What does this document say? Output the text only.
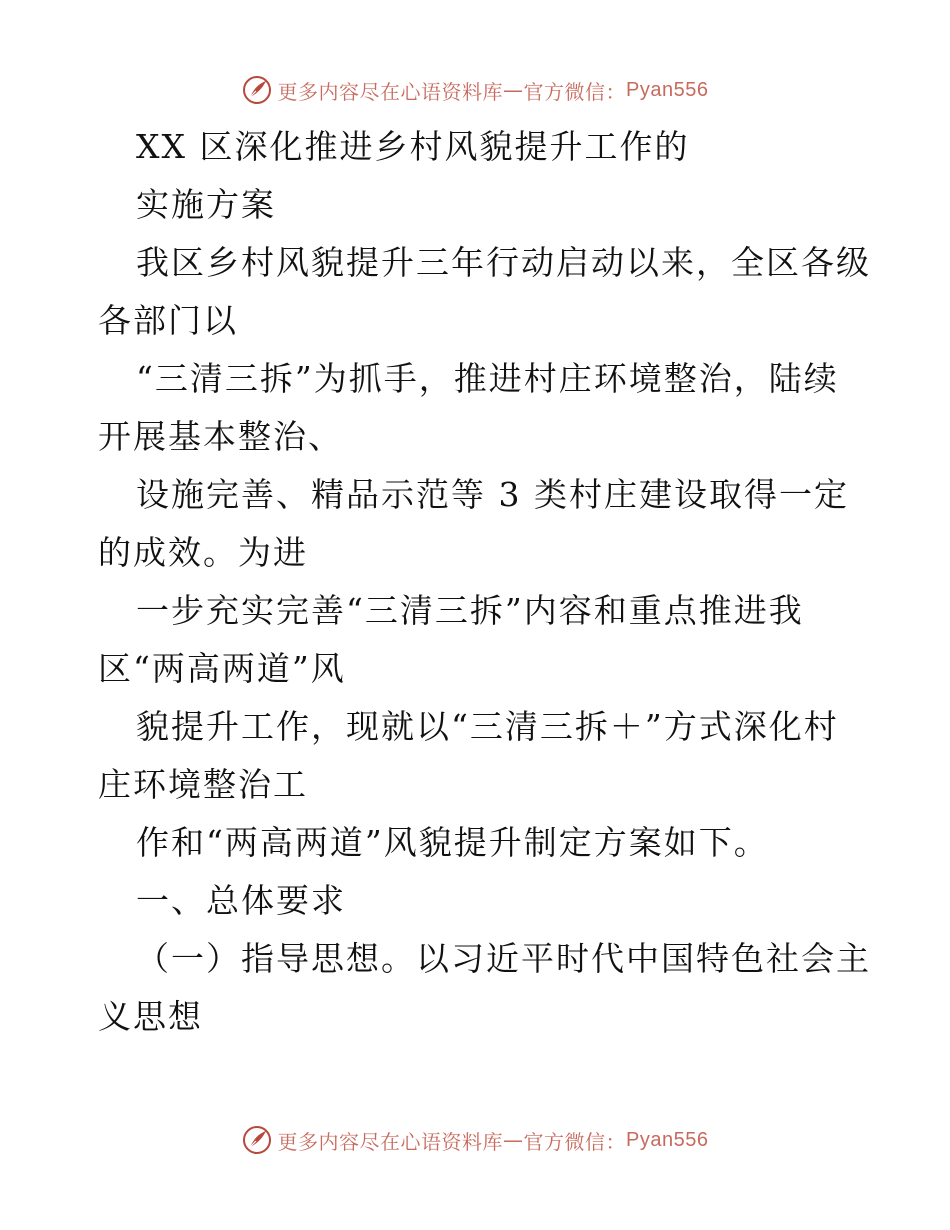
更多内容尽在心语资料库 — 官方微信： Pyan556
XX 区深化推进乡村风貌提升工作的
实施方案
我区乡村风貌提升三年行动启动以来，全区各级
各部门以
“三清三拆”为抓手，推进村庄环境整治，陆续
开展基本整治、
设施完善、精品示范等 3 类村庄建设取得一定
的成效。为进
一步充实完善“三清三拆”内容和重点推进我
区“两高两道”风
貌提升工作，现就以“三清三拆＋”方式深化村
庄环境整治工
作和“两高两道”风貌提升制定方案如下。
一、总体要求
（一）指导思想。以习近平时代中国特色社会主
义思想
更多内容尽在心语资料库 — 官方微信： Pyan556
